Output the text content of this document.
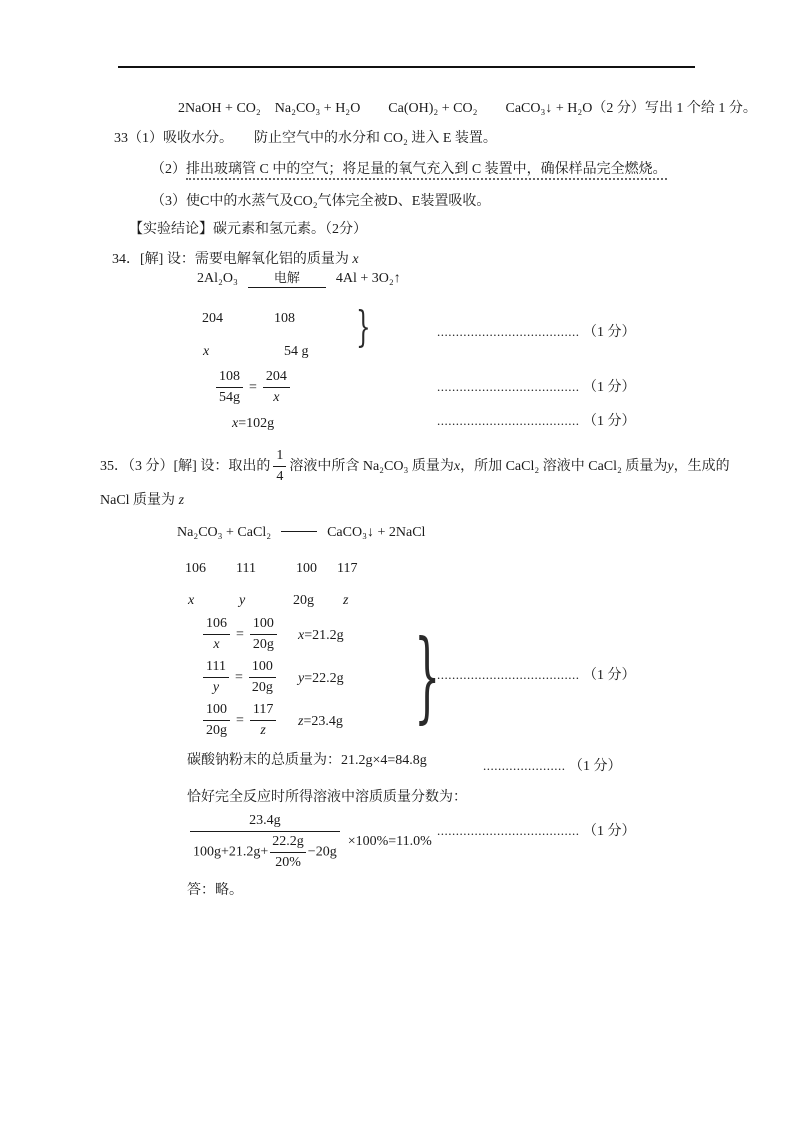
2NaOH + CO₂　Na₂CO₃ + H₂O　　Ca(OH)₂ + CO₂　　CaCO₃↓ + H₂O（2 分）写出 1 个给 1 分。
33（1）吸收水分。　　防止空气中的水分和 CO₂ 进入 E 装置。
（2）排出玻璃管 C 中的空气；将足量的氧气充入到 C 装置中，确保样品完全燃烧。
（3）使C中的水蒸气及CO₂气体完全被D、E装置吸收。
【实验结论】碳元素和氢元素。（2分）
34．[解] 设：需要电解氧化铝的质量为 x
2Al₂O₃	电解	4Al + 3O₂↑
204	108
x	54 g
}	...................................... （1 分）
$\frac{108}{54g} = \frac{204}{x}$	...................................... （1 分）
x=102g	...................................... （1 分）
35．（3 分）[解] 设：取出的 $\frac{1}{4}$ 溶液中所含 Na₂CO₃ 质量为 x ，所加 CaCl₂ 溶液中 CaCl₂ 质量为 y ，生成的
NaCl 质量为 z
Na₂CO₃ + CaCl₂	CaCO₃↓ + 2NaCl
106 111	100 117
x	y	20g z
$\frac{106}{x} = \frac{100}{20g} x=21.2g$
$\frac{111}{y} = \frac{100}{20g} y=22.2g$
$\frac{100}{20g} = \frac{117}{z} z=23.4g$ }
...................................... （1 分）
碳酸钠粉末的总质量为：21.2g×4=84.8g	...................... （1 分）
恰好完全反应时所得溶液中溶质质量分数为：
$\frac{23.4g}{100g+21.2g+ \frac{22.2g}{20\%} -20g} \times 100\%=11.0\%$
...................................... （1 分）
答：略。
